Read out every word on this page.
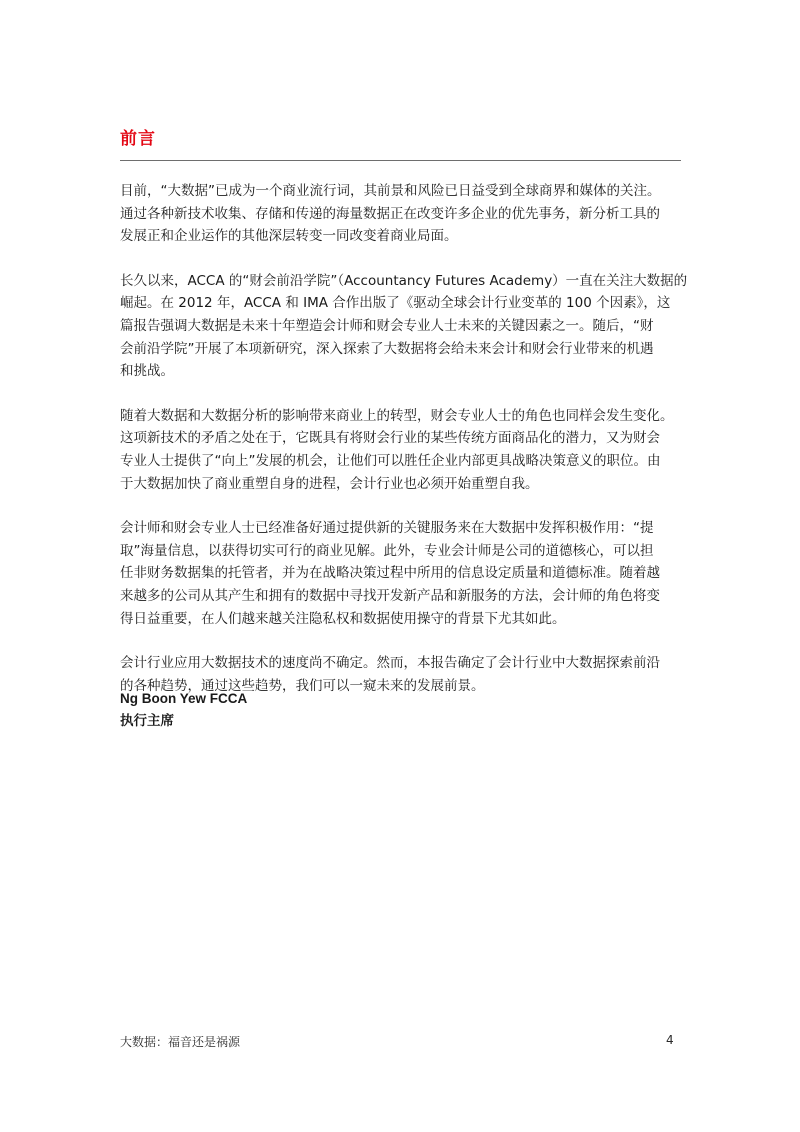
前言

目前，“大数据”已成为一个商业流行词，其前景和风险已日益受到全球商界和媒体的关注。
通过各种新技术收集、存储和传递的海量数据正在改变许多企业的优先事务，新分析工具的
发展正和企业运作的其他深层转变一同改变着商业局面。

长久以来，ACCA 的“财会前沿学院”（Accountancy Futures Academy）一直在关注大数据的
崛起。在 2012 年，ACCA 和 IMA 合作出版了《驱动全球会计行业变革的 100 个因素》，这
篇报告强调大数据是未来十年塑造会计师和财会专业人士未来的关键因素之一。随后，“财
会前沿学院”开展了本项新研究，深入探索了大数据将会给未来会计和财会行业带来的机遇
和挑战。

随着大数据和大数据分析的影响带来商业上的转型，财会专业人士的角色也同样会发生变化。
这项新技术的矛盾之处在于，它既具有将财会行业的某些传统方面商品化的潜力，又为财会
专业人士提供了“向上”发展的机会，让他们可以胜任企业内部更具战略决策意义的职位。由
于大数据加快了商业重塑自身的进程，会计行业也必须开始重塑自我。

会计师和财会专业人士已经准备好通过提供新的关键服务来在大数据中发挥积极作用：“提
取”海量信息，以获得切实可行的商业见解。此外，专业会计师是公司的道德核心，可以担
任非财务数据集的托管者，并为在战略决策过程中所用的信息设定质量和道德标准。随着越
来越多的公司从其产生和拥有的数据中寻找开发新产品和新服务的方法，会计师的角色将变
得日益重要，在人们越来越关注隐私权和数据使用操守的背景下尤其如此。

会计行业应用大数据技术的速度尚不确定。然而，本报告确定了会计行业中大数据探索前沿
的各种趋势，通过这些趋势，我们可以一窥未来的发展前景。

Ng Boon Yew FCCA
执行主席
大数据：福音还是祸源	4
